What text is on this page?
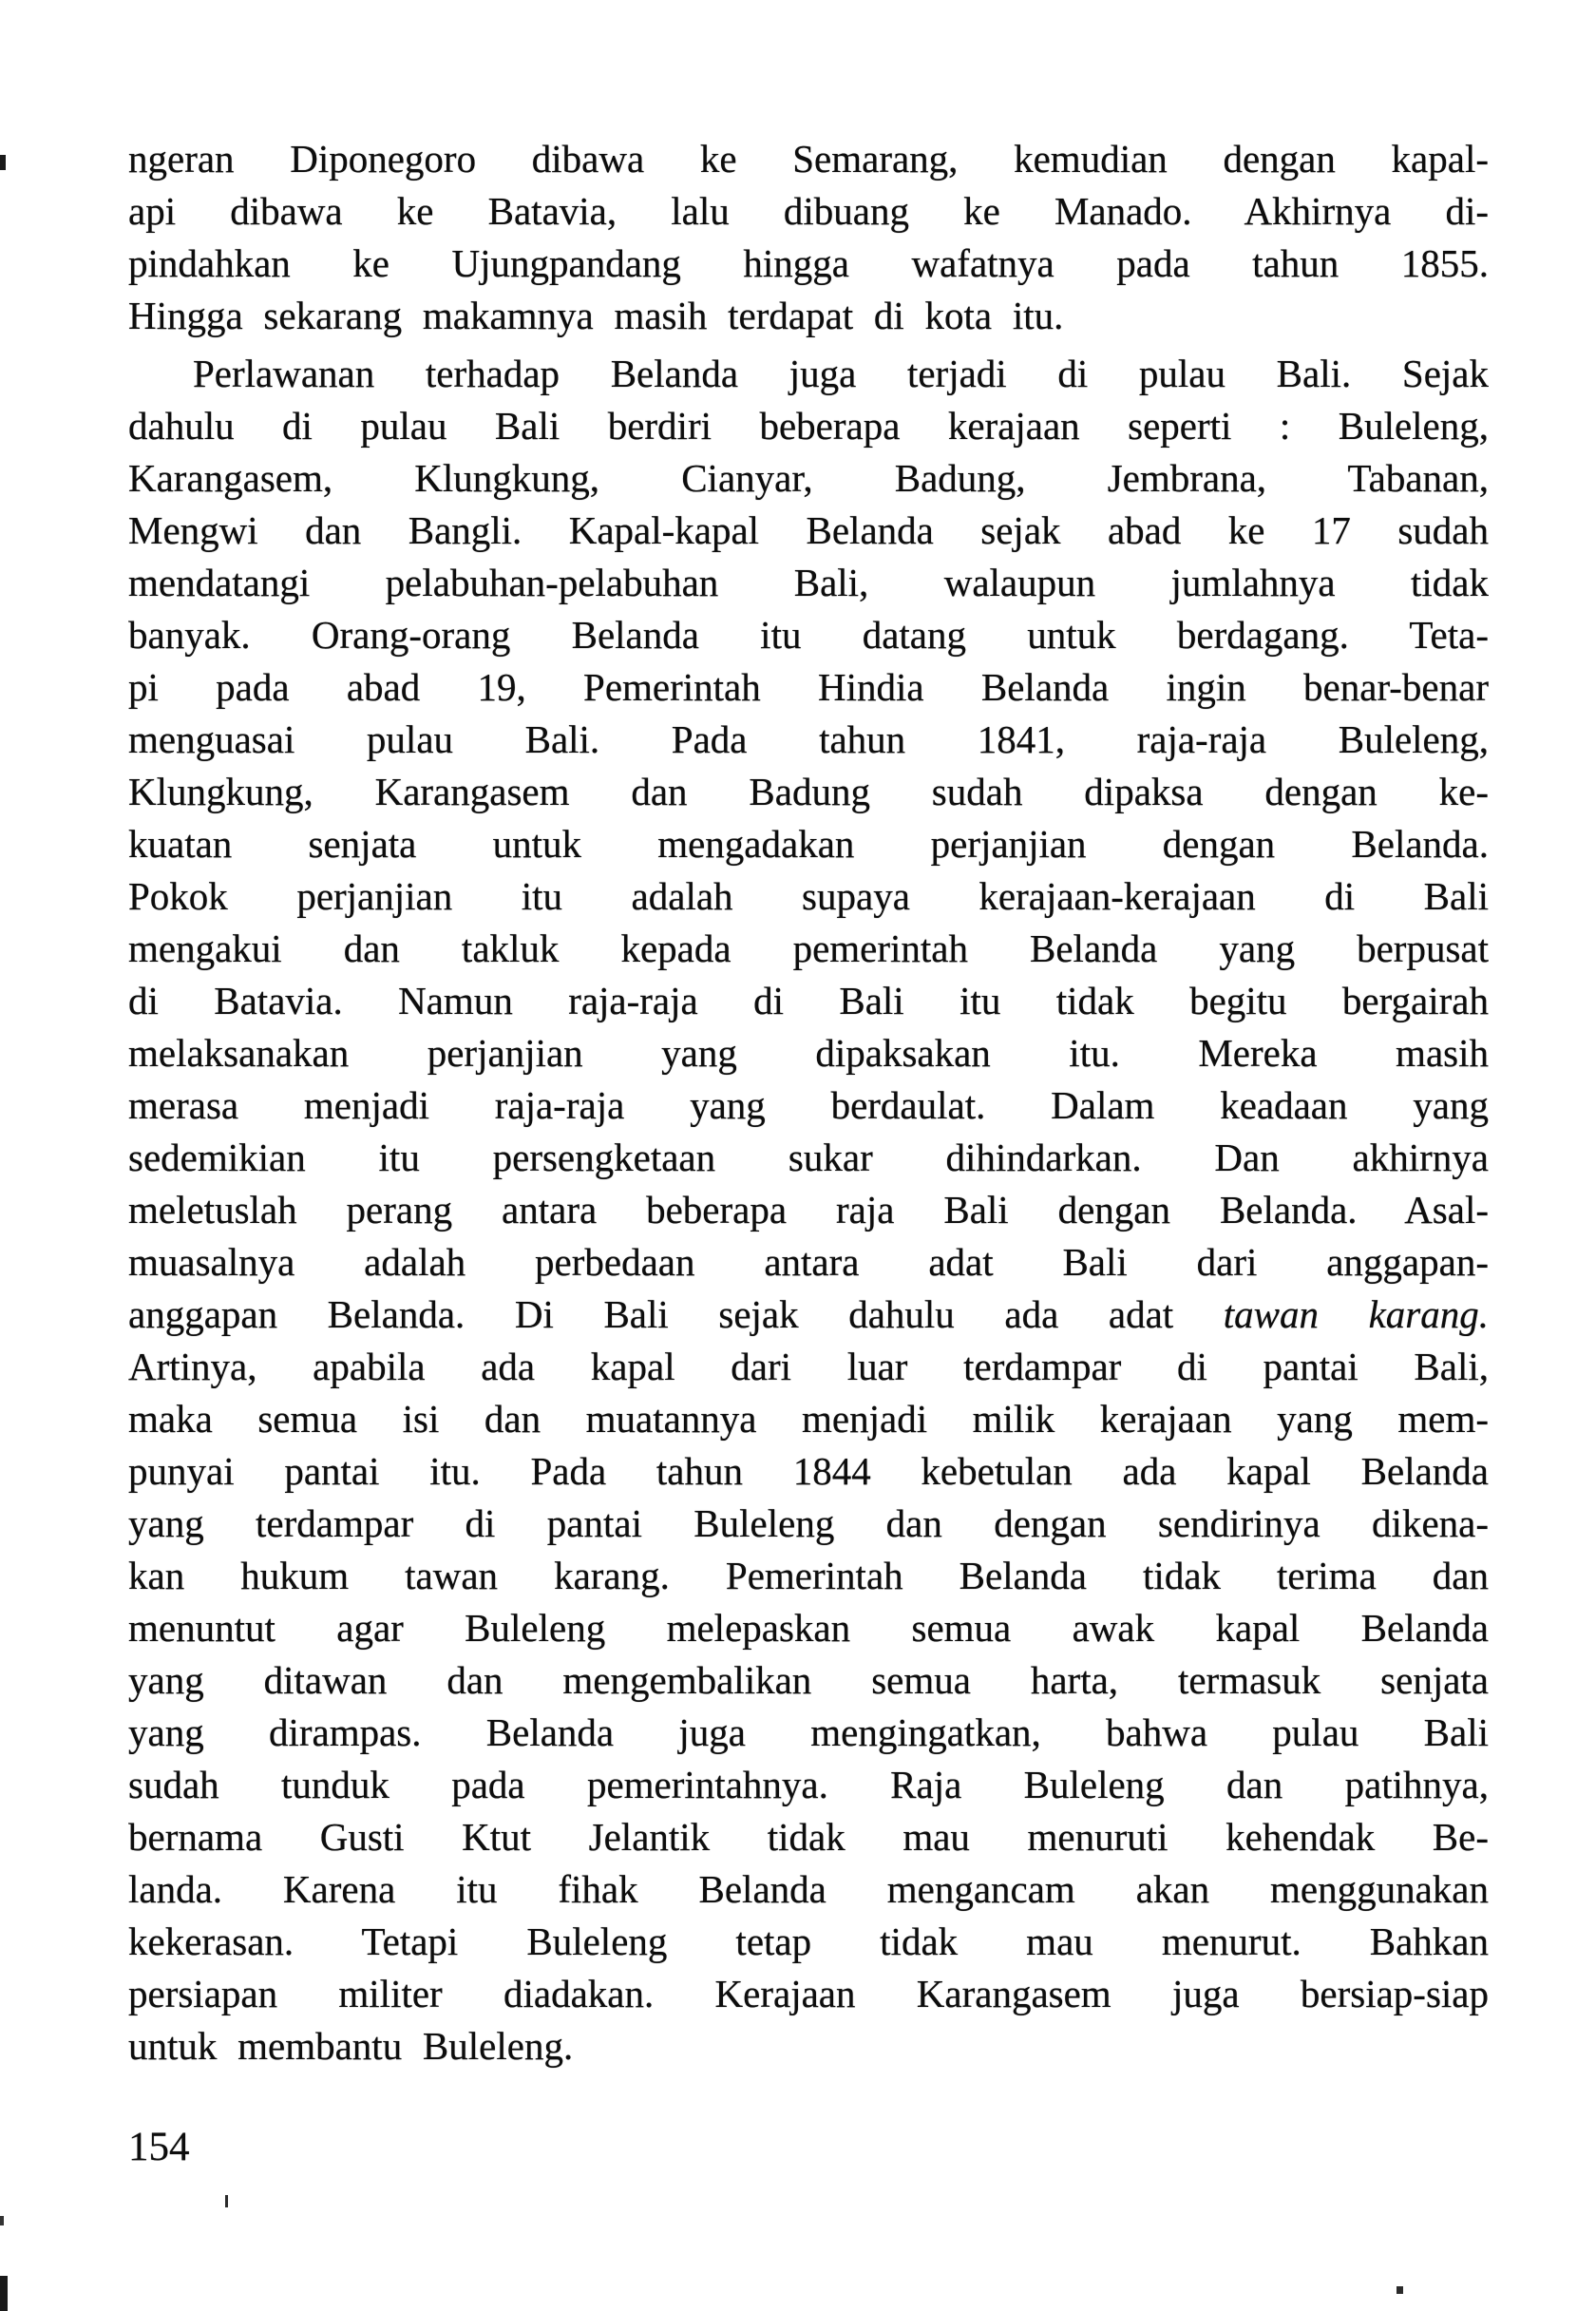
ngeran Diponegoro dibawa ke Semarang, kemudian dengan kapal-
api dibawa ke Batavia, lalu dibuang ke Manado. Akhirnya di-
pindahkan ke Ujungpandang hingga wafatnya pada tahun 1855.
Hingga sekarang makamnya masih terdapat di kota itu.
Perlawanan terhadap Belanda juga terjadi di pulau Bali. Sejak
dahulu di pulau Bali berdiri beberapa kerajaan seperti : Buleleng,
Karangasem, Klungkung, Cianyar, Badung, Jembrana, Tabanan,
Mengwi dan Bangli. Kapal-kapal Belanda sejak abad ke 17 sudah
mendatangi pelabuhan-pelabuhan Bali, walaupun jumlahnya tidak
banyak. Orang-orang Belanda itu datang untuk berdagang. Teta-
pi pada abad 19, Pemerintah Hindia Belanda ingin benar-benar
menguasai pulau Bali. Pada tahun 1841, raja-raja Buleleng,
Klungkung, Karangasem dan Badung sudah dipaksa dengan ke-
kuatan senjata untuk mengadakan perjanjian dengan Belanda.
Pokok perjanjian itu adalah supaya kerajaan-kerajaan di Bali
mengakui dan takluk kepada pemerintah Belanda yang berpusat
di Batavia. Namun raja-raja di Bali itu tidak begitu bergairah
melaksanakan perjanjian yang dipaksakan itu. Mereka masih
merasa menjadi raja-raja yang berdaulat. Dalam keadaan yang
sedemikian itu persengketaan sukar dihindarkan. Dan akhirnya
meletuslah perang antara beberapa raja Bali dengan Belanda. Asal-
muasalnya adalah perbedaan antara adat Bali dari anggapan-
anggapan Belanda. Di Bali sejak dahulu ada adat tawan karang.
Artinya, apabila ada kapal dari luar terdampar di pantai Bali,
maka semua isi dan muatannya menjadi milik kerajaan yang mem-
punyai pantai itu. Pada tahun 1844 kebetulan ada kapal Belanda
yang terdampar di pantai Buleleng dan dengan sendirinya dikena-
kan hukum tawan karang. Pemerintah Belanda tidak terima dan
menuntut agar Buleleng melepaskan semua awak kapal Belanda
yang ditawan dan mengembalikan semua harta, termasuk senjata
yang dirampas. Belanda juga mengingatkan, bahwa pulau Bali
sudah tunduk pada pemerintahnya. Raja Buleleng dan patihnya,
bernama Gusti Ktut Jelantik tidak mau menuruti kehendak Be-
landa. Karena itu fihak Belanda mengancam akan menggunakan
kekerasan. Tetapi Buleleng tetap tidak mau menurut. Bahkan
persiapan militer diadakan. Kerajaan Karangasem juga bersiap-siap
untuk membantu Buleleng.
154
